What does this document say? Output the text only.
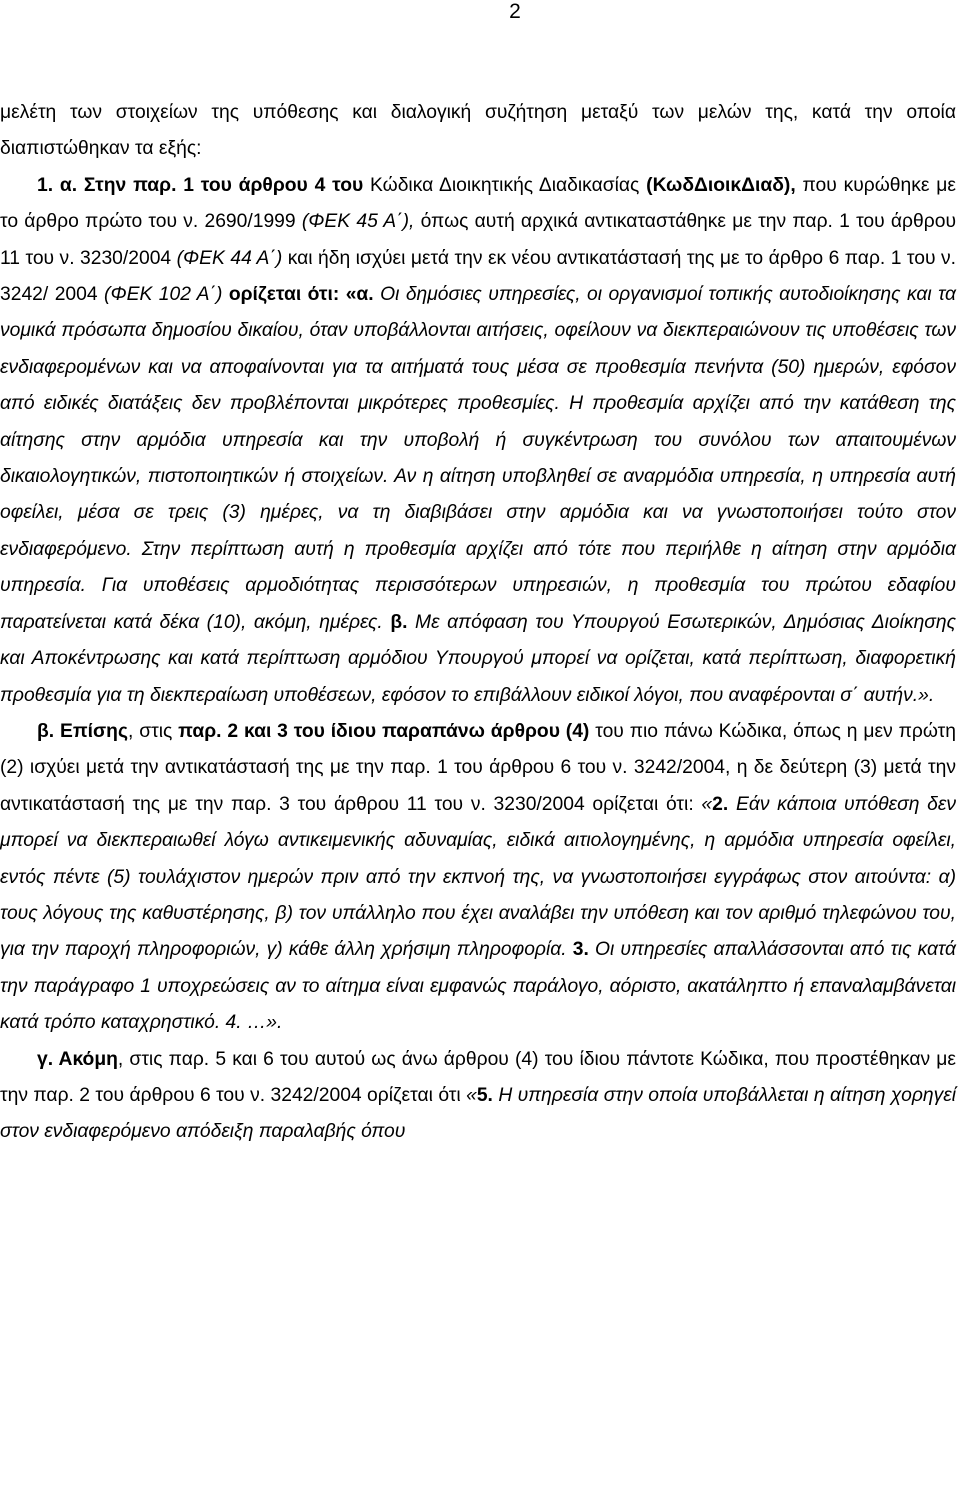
2

μελέτη των στοιχείων της υπόθεσης και διαλογική συζήτηση μεταξύ των μελών της, κατά την οποία διαπιστώθηκαν τα εξής:

1. α. Στην παρ. 1 του άρθρου 4 του Κώδικα Διοικητικής Διαδικασίας (ΚωδΔιοικΔιαδ), που κυρώθηκε με το άρθρο πρώτο του ν. 2690/1999 (ΦΕΚ 45 Α΄), όπως αυτή αρχικά αντικαταστάθηκε με την παρ. 1 του άρθρου 11 του ν. 3230/2004 (ΦΕΚ 44 Α΄) και ήδη ισχύει μετά την εκ νέου αντικατάστασή της με το άρθρο 6 παρ. 1 του ν. 3242/ 2004 (ΦΕΚ 102 Α΄) ορίζεται ότι: «α. Οι δημόσιες υπηρεσίες, οι οργανισμοί τοπικής αυτοδιοίκησης και τα νομικά πρόσωπα δημοσίου δικαίου, όταν υποβάλλονται αιτήσεις, οφείλουν να διεκπεραιώνουν τις υποθέσεις των ενδιαφερομένων και να αποφαίνονται για τα αιτήματά τους μέσα σε προθεσμία πενήντα (50) ημερών, εφόσον από ειδικές διατάξεις δεν προβλέπονται μικρότερες προθεσμίες. Η προθεσμία αρχίζει από την κατάθεση της αίτησης στην αρμόδια υπηρεσία και την υποβολή ή συγκέντρωση του συνόλου των απαιτουμένων δικαιολογητικών, πιστοποιητικών ή στοιχείων. Αν η αίτηση υποβληθεί σε αναρμόδια υπηρεσία, η υπηρεσία αυτή οφείλει, μέσα σε τρεις (3) ημέρες, να τη διαβιβάσει στην αρμόδια και να γνωστοποιήσει τούτο στον ενδιαφερόμενο. Στην περίπτωση αυτή η προθεσμία αρχίζει από τότε που περιήλθε η αίτηση στην αρμόδια υπηρεσία. Για υποθέσεις αρμοδιότητας περισσότερων υπηρεσιών, η προθεσμία του πρώτου εδαφίου παρατείνεται κατά δέκα (10), ακόμη, ημέρες. β. Με απόφαση του Υπουργού Εσωτερικών, Δημόσιας Διοίκησης και Αποκέντρωσης και κατά περίπτωση αρμόδιου Υπουργού μπορεί να ορίζεται, κατά περίπτωση, διαφορετική προθεσμία για τη διεκπεραίωση υποθέσεων, εφόσον το επιβάλλουν ειδικοί λόγοι, που αναφέρονται σ΄ αυτήν.».

β. Επίσης, στις παρ. 2 και 3 του ίδιου παραπάνω άρθρου (4) του πιο πάνω Κώδικα, όπως η μεν πρώτη (2) ισχύει μετά την αντικατάστασή της με την παρ. 1 του άρθρου 6 του ν. 3242/2004, η δε δεύτερη (3) μετά την αντικατάστασή της με την παρ. 3 του άρθρου 11 του ν. 3230/2004 ορίζεται ότι: «2. Εάν κάποια υπόθεση δεν μπορεί να διεκπεραιωθεί λόγω αντικειμενικής αδυναμίας, ειδικά αιτιολογημένης, η αρμόδια υπηρεσία οφείλει, εντός πέντε (5) τουλάχιστον ημερών πριν από την εκπνοή της, να γνωστοποιήσει εγγράφως στον αιτούντα: α) τους λόγους της καθυστέρησης, β) τον υπάλληλο που έχει αναλάβει την υπόθεση και τον αριθμό τηλεφώνου του, για την παροχή πληροφοριών, γ) κάθε άλλη χρήσιμη πληροφορία. 3. Οι υπηρεσίες απαλλάσσονται από τις κατά την παράγραφο 1 υποχρεώσεις αν το αίτημα είναι εμφανώς παράλογο, αόριστο, ακατάληπτο ή επαναλαμβάνεται κατά τρόπο καταχρηστικό. 4. …».

γ. Ακόμη, στις παρ. 5 και 6 του αυτού ως άνω άρθρου (4) του ίδιου πάντοτε Κώδικα, που προστέθηκαν με την παρ. 2 του άρθρου 6 του ν. 3242/2004 ορίζεται ότι «5. Η υπηρεσία στην οποία υποβάλλεται η αίτηση χορηγεί στον ενδιαφερόμενο απόδειξη παραλαβής όπου
